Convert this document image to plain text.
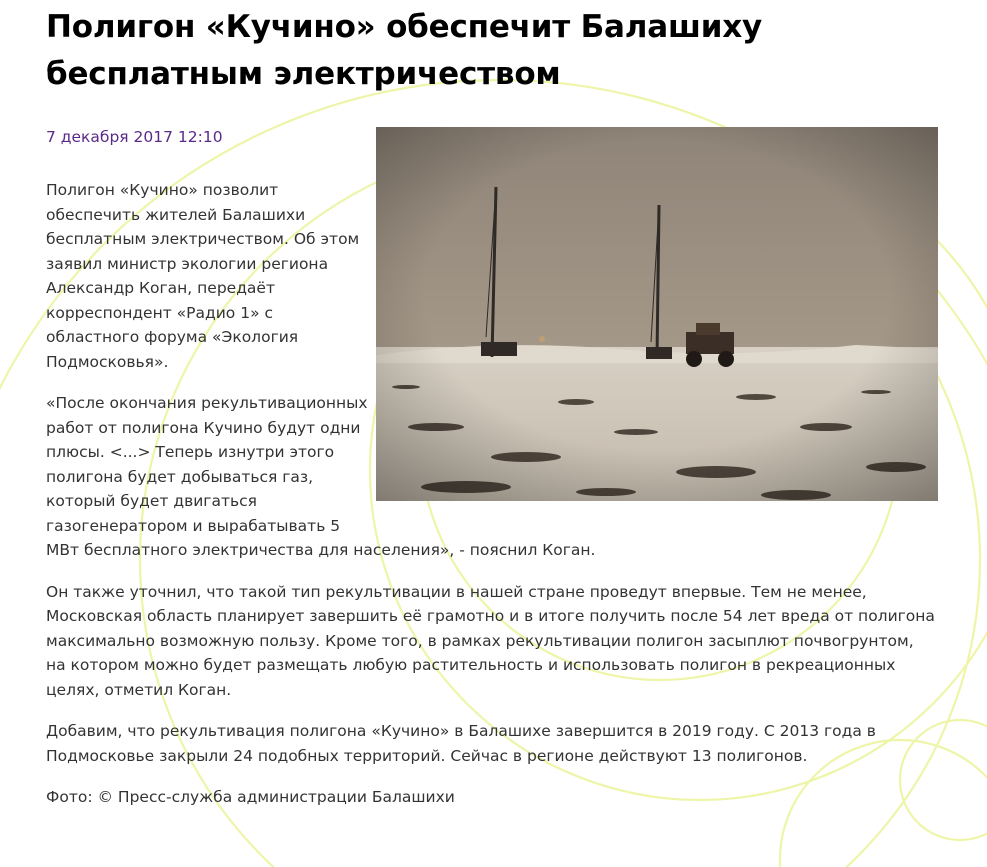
Полигон «Кучино» обеспечит Балашиху бесплатным электричеством
7 декабря 2017 12:10

Полигон «Кучино» позволит обеспечить жителей Балашихи бесплатным электричеством. Об этом заявил министр экологии региона Александр Коган, передаёт корреспондент «Радио 1» с областного форума «Экология Подмосковья».

«После окончания рекультивационных работ от полигона Кучино будут одни плюсы. <...> Теперь изнутри этого полигона будет добываться газ, который будет двигаться газогенератором и вырабатывать 5 МВт бесплатного электричества для населения», - пояснил Коган.

Он также уточнил, что такой тип рекультивации в нашей стране проведут впервые. Тем не менее, Московская область планирует завершить её грамотно и в итоге получить после 54 лет вреда от полигона максимально возможную пользу. Кроме того, в рамках рекультивации полигон засыплют почвогрунтом, на котором можно будет размещать любую растительность и использовать полигон в рекреационных целях, отметил Коган.

Добавим, что рекультивация полигона «Кучино» в Балашихе завершится в 2019 году. С 2013 года в Подмосковье закрыли 24 подобных территорий. Сейчас в регионе действуют 13 полигонов.

Фото: © Пресс-служба администрации Балашихи
